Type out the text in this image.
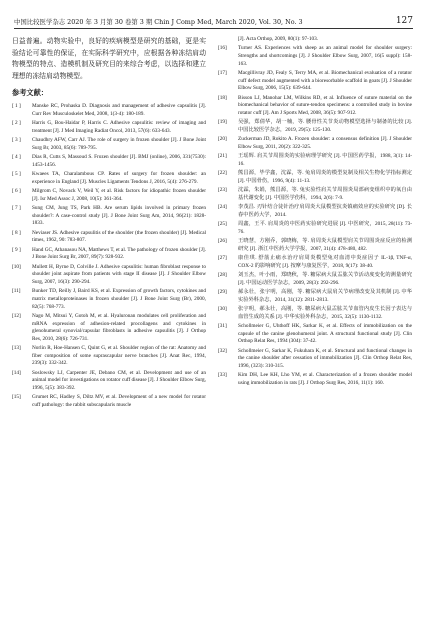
中国比较医学杂志 2020 年 3 月第 30 卷第 3 期 Chin J Comp Med, March 2020, Vol. 30, No. 3	127

日益普遍。动物实验中，良好的疾病模型是研究的基础，更是实验结论可靠性的保证，在实际科学研究中，应根据各种冻结肩动物模型的特点、造模机制及研究目的来综合考虑，以选择和建立理想的冻结肩动物模型。

参考文献：
[ 1 ]	Manske RC, Prohaska D. Diagnosis and management of adhesive capsulitis [J]. Curr Rev Musculoskelet Med, 2008, 1(3-4): 180-189.
[ 2 ]	Harris G, Bou-Haidar P, Harris C. Adhesive capsulitis: review of imaging and treatment [J]. J Med Imaging Radiat Oncol, 2013, 57(6): 633-643.
[ 3 ]	Chaudhry AFW, Carr AJ. The role of surgery in frozen shoulder [J]. J Bone Joint Surg Br, 2003, 85(6): 789-795.
[ 4 ]	Dias R, Cutts S, Massoud S. Frozen shoulder [J]. BMJ (online), 2006, 331(7530): 1453-1456.
[ 5 ]	Kwaees TA, Charalambous CP. Rates of surgery for frozen shoulder: an experience in England [J]. Muscles Ligaments Tendons J, 2016, 5(4): 276-279.
[ 6 ]	Milgrom C, Novack V, Weil Y, et al. Risk factors for idiopathic frozen shoulder [J]. Isr Med Assoc J, 2008, 10(5): 361-364.
[ 7 ]	Sung CM, Jung TS, Park HB. Are serum lipids involved in primary frozen shoulder?: A case-control study [J]. J Bone Joint Surg Am, 2014, 96(21): 1828-1833.
[ 8 ]	Neviaser JS. Adhesive capsulitis of the shoulder (the frozen shoulder) [J]. Medical times, 1962, 90: 783-807.
[ 9 ]	Hand GC, Athanasou NA, Matthews T, et al. The pathology of frozen shoulder [J]. J Bone Joint Surg Br, 2007, 89(7): 928-932.
[10]	Mullett H, Byrne D, Colville J. Adhesive capsulitis: human fibroblast response to shoulder joint aspirate from patients with stage II disease [J]. J Shoulder Elbow Surg, 2007, 16(3): 290-294.
[11]	Bunker TD, Reilly J, Baird KS, et al. Expression of growth factors, cytokines and matrix metalloproteinases in frozen shoulder [J]. J Bone Joint Surg (Br), 2000, 82(5): 768-773.
[12]	Nago M, Mitsui Y, Gotoh M, et al. Hyaluronan modulates cell proliferation and mRNA expression of adhesion-related procollagens and cytokines in glenohumeral synovial/capsular fibroblasts in adhesive capsulitis [J]. J Orthop Res, 2010, 28(6): 726-731.
[13]	Norlin R, Hoe-Hansen C, Quint G, et al. Shoulder region of the rat: Anatomy and fiber composition of some suprascapular nerve branches [J]. Anat Rec, 1994, 239(3): 332-342.
[14]	Soslowsky LJ, Carpenter JE, Debano CM, et al. Development and use of an animal model for investigations on rotator cuff disease [J]. J Shoulder Elbow Surg, 1996, 5(5): 383-392.
[15]	Grumet RC, Hadley S, Diltz MV, et al. Development of a new model for rotator cuff pathology: the rabbit subscapularis muscle
[J]. Acta Orthop, 2009, 80(1): 97-103.
[16]	Turner AS. Experiences with sheep as an animal model for shoulder surgery: Strengths and shortcomings [J]. J Shoulder Elbow Surg, 2007, 16(5 suppl): 158-163.
[17]	Macgillivray JD, Fealy S, Terry MA, et al. Biomechanical evaluation of a rotator cuff defect model augmented with a bioresorbable scaffold in goats [J]. J Shoulder Elbow Surg, 2006, 15(5): 639-644.
[18]	Bisson LJ, Manohar LM, Wilkins RD, et al. Influence of suture material on the biomechanical behavior of suture-tendon specimens: a controlled study in bovine rotator cuff [J]. Am J Sports Med, 2008, 36(5): 907-912.
[19]	吴强，郑倩华，胡一楠，等. 腰骨性关节炎动物模型选择与制备的比较 [J]. 中国比较医学杂志，2019, 29(5): 125-130.
[20]	Zuckerman JD, Rokito A. Frozen shoulder: a consensus definition [J]. J Shoulder Elbow Surg, 2011, 20(2): 322-325.
[21]	王瑶辉. 肩关节周围炎的实验病理学研究 [J]. 中国医药学报，1988, 3(1): 14-16.
[22]	熊昌源，毕学鑫，沈霖，等. 兔肩周炎的模型复制及相关生物化学指标测定 [J]. 中国骨伤，1996, 9(4): 11-13.
[23]	沈霖，朱娟，熊昌源，等. 兔实验性肩关节周围炎局部病变组织中的氧自由基代谢变化 [J]. 中国医学伤科，1994, 2(6): 7-9.
[24]	李茂昌. 刃针结合徒针治疗肩周炎大鼠模型抗炎镇痛效应的实验研究 [D]. 长春中医药大学，2014.
[25]	周鑫，王平. 肩周炎的中医药实验研究进展 [J]. 中医研究，2015, 28(11): 73-76.
[26]	王晓慧，方刚乔，郭晓梅，等. 肩周炎大鼠模型肩关节周围炎症反应的检测研究 [J]. 浙江中医药大学学报，2007, 31(4): 478-480, 482.
[27]	康佳琪. 舒筋止痛水治疗肩周炎模型兔对血清中炎症因子 IL-1β, TNF-α, COX-2 的影响研究 [J]. 按摩与康复医学，2018, 9(17): 38-40.
[28]	刘玉杰，叶小雨，郑晓秋，等. 糖尿病大鼠盂肱关节活动度变化的测量研究 [J]. 中国运动医学杂志，2009, 28(3): 292-296.
[29]	郝永壮，张宇明，高刚，等. 糖尿病大鼠肩关节病理改变及其机制 [J]. 中华实验外科杂志，2014, 31(12): 2811-2813.
[30]	张宇明，郝永壮，高刚，等. 糖尿病大鼠盂肱关节血管内皮生长因子表达与血管生成的关系 [J]. 中华实验外科杂志，2015, 32(5): 1130-1132.
[31]	Schollmeier G, Uhthoff HK, Sarkar K, et al. Effects of immobilization on the capsule of the canine glenohumeral joint. A structural functional study [J]. Clin Orthop Relat Res, 1994 (304): 37-42.
[32]	Schollmeier G, Sarkar K, Fukuhara K, et al. Structural and functional changes in the canine shoulder after cessation of immobilization [J]. Clin Orthop Relat Res, 1996, (323): 310-315.
[33]	Kim DH, Lee KH, Lho YM, et al. Characterization of a frozen shoulder model using immobilization in rats [J]. J Orthop Surg Res, 2016, 11(1): 160.
